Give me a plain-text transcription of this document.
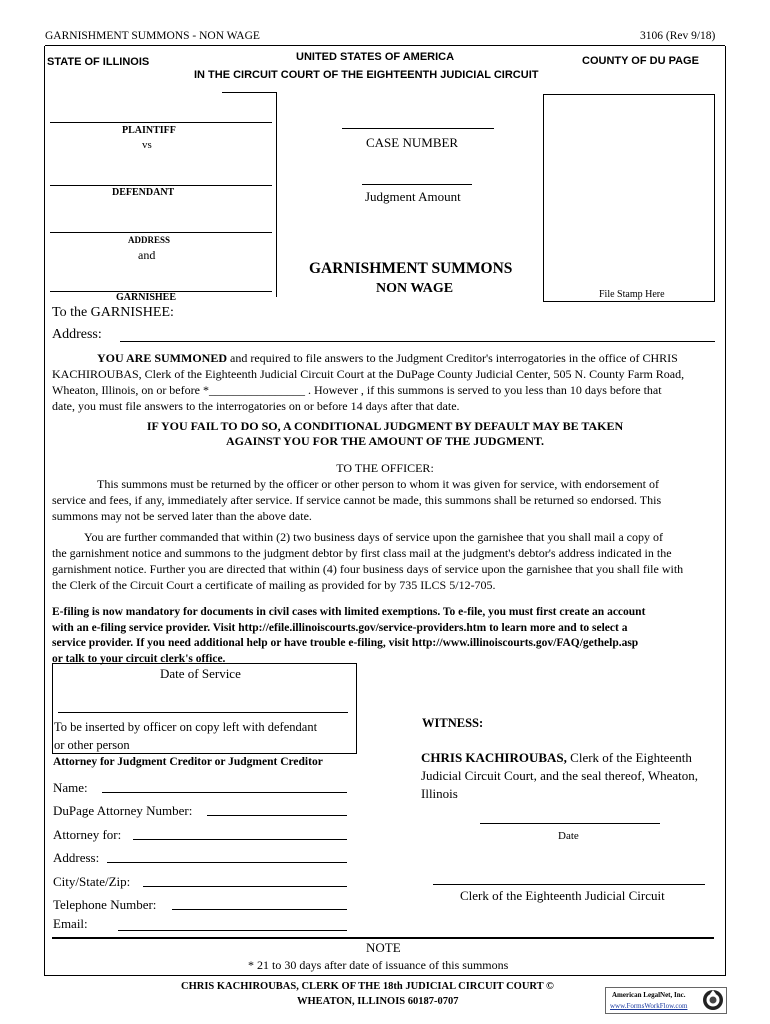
GARNISHMENT SUMMONS - NON WAGE	3106 (Rev 9/18)
STATE OF ILLINOIS	UNITED STATES OF AMERICA	COUNTY OF DU PAGE
IN THE CIRCUIT COURT OF THE EIGHTEENTH JUDICIAL CIRCUIT
PLAINTIFF
vs
DEFENDANT
ADDRESS
and
GARNISHEE
CASE NUMBER
Judgment Amount
GARNISHMENT SUMMONS
NON WAGE	File Stamp Here
To the GARNISHEE:
Address:
YOU ARE SUMMONED and required to file answers to the Judgment Creditor's interrogatories in the office of CHRIS
KACHIROUBAS, Clerk of the Eighteenth Judicial Circuit Court at the DuPage County Judicial Center, 505 N. County Farm Road,
Wheaton, Illinois, on or before *________________ . However , if this summons is served to you less than 10 days before that
date, you must file answers to the interrogatories on or before 14 days after that date.
IF YOU FAIL TO DO SO, A CONDITIONAL JUDGMENT BY DEFAULT MAY BE TAKEN
AGAINST YOU FOR THE AMOUNT OF THE JUDGMENT.
TO THE OFFICER:
This summons must be returned by the officer or other person to whom it was given for service, with endorsement of
service and fees, if any, immediately after service. If service cannot be made, this summons shall be returned so endorsed. This
summons may not be served later than the above date.
You are further commanded that within (2) two business days of service upon the garnishee that you shall mail a copy of
the garnishment notice and summons to the judgment debtor by first class mail at the judgment's debtor's address indicated in the
garnishment notice. Further you are directed that within (4) four business days of service upon the garnishee that you shall file with
the Clerk of the Circuit Court a certificate of mailing as provided for by 735 ILCS 5/12-705.
E-filing is now mandatory for documents in civil cases with limited exemptions. To e-file, you must first create an account
with an e-filing service provider. Visit http://efile.illinoiscourts.gov/service-providers.htm to learn more and to select a
service provider. If you need additional help or have trouble e-filing, visit http://www.illinoiscourts.gov/FAQ/gethelp.asp
or talk to your circuit clerk's office.
Date of Service
To be inserted by officer on copy left with defendant
or other person
Attorney for Judgment Creditor or Judgment Creditor
Name:
DuPage Attorney Number:
Attorney for:
Address:
City/State/Zip:
Telephone Number:
Email:
WITNESS:
CHRIS KACHIROUBAS, Clerk of the Eighteenth
Judicial Circuit Court, and the seal thereof, Wheaton,
Illinois
Date
Clerk of the Eighteenth Judicial Circuit
NOTE
* 21 to 30 days after date of issuance of this summons
CHRIS KACHIROUBAS, CLERK OF THE 18th JUDICIAL CIRCUIT COURT ©
WHEATON, ILLINOIS 60187-0707
American LegalNet, Inc.
www.FormsWorkFlow.com
